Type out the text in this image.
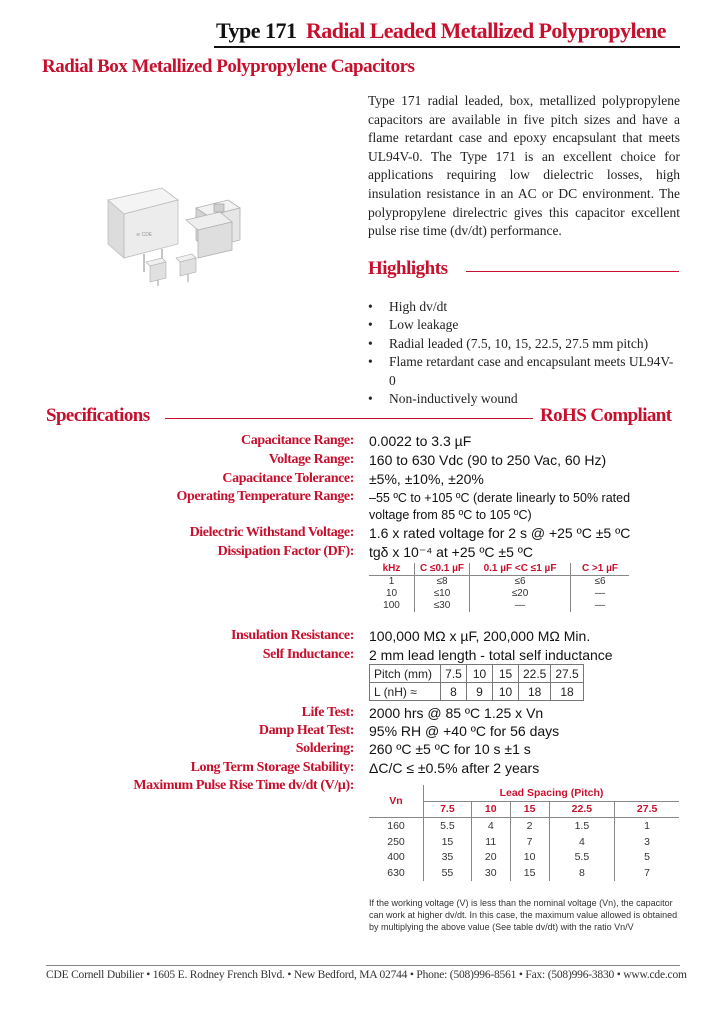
Type 171 Radial Leaded Metallized Polypropylene
Radial Box Metallized Polypropylene Capacitors
Type 171 radial leaded, box, metallized polypropylene capacitors are available in five pitch sizes and have a flame retardant case and epoxy encapsulant that meets UL94V-0. The Type 171 is an excellent choice for applications requiring low dielectric losses, high insulation resistance in an AC or DC environment. The polypropylene direlectric gives this capacitor excellent pulse rise time (dv/dt) performance.
≋ CDE
Highlights
• High dv/dt
• Low leakage
• Radial leaded (7.5, 10, 15, 22.5, 27.5 mm pitch)
• Flame retardant case and encapsulant meets UL94V-0
• Non-inductively wound
Specifications	RoHS Compliant
Capacitance Range: 0.0022 to 3.3 µF
Voltage Range: 160 to 630 Vdc (90 to 250 Vac, 60 Hz)
Capacitance Tolerance: ±5%, ±10%, ±20%
Operating Temperature Range: –55 ºC to +105 ºC (derate linearly to 50% rated
voltage from 85 ºC to 105 ºC)
Dielectric Withstand Voltage: 1.6 x rated voltage for 2 s @ +25 ºC ±5 ºC
Dissipation Factor (DF): tgδ x 10⁻⁴ at +25 ºC ±5 ºC
kHz	C ≤0.1 µF	0.1 µF <C ≤1 µF	C >1 µF
1	≤8	≤6	≤6
10	≤10	≤20	—
100	≤30	—	—
Insulation Resistance: 100,000 MΩ x µF, 200,000 MΩ Min.
Self Inductance: 2 mm lead length - total self inductance
Pitch (mm)	7.5	10	15	22.5	27.5
L (nH) ≈	8	9	10	18	18
Life Test: 2000 hrs @ 85 ºC 1.25 x Vn
Damp Heat Test: 95% RH @ +40 ºC for 56 days
Soldering: 260 ºC ±5 ºC for 10 s ±1 s
Long Term Storage Stability: ΔC/C ≤ ±0.5% after 2 years
Maximum Pulse Rise Time dv/dt (V/µ):
Vn	Lead Spacing (Pitch)				
	7.5	10	15	22.5	27.5
160	5.5	4	2	1.5	1
250	15	11	7	4	3
400	35	20	10	5.5	5
630	55	30	15	8	7
If the working voltage (V) is less than the nominal voltage (Vn), the capacitor can work at higher dv/dt. In this case, the maximum value allowed is obtained by multiplying the above value (See table dv/dt) with the ratio Vn/V
CDE Cornell Dubilier • 1605 E. Rodney French Blvd. • New Bedford, MA 02744 • Phone: (508)996-8561 • Fax: (508)996-3830 • www.cde.com
